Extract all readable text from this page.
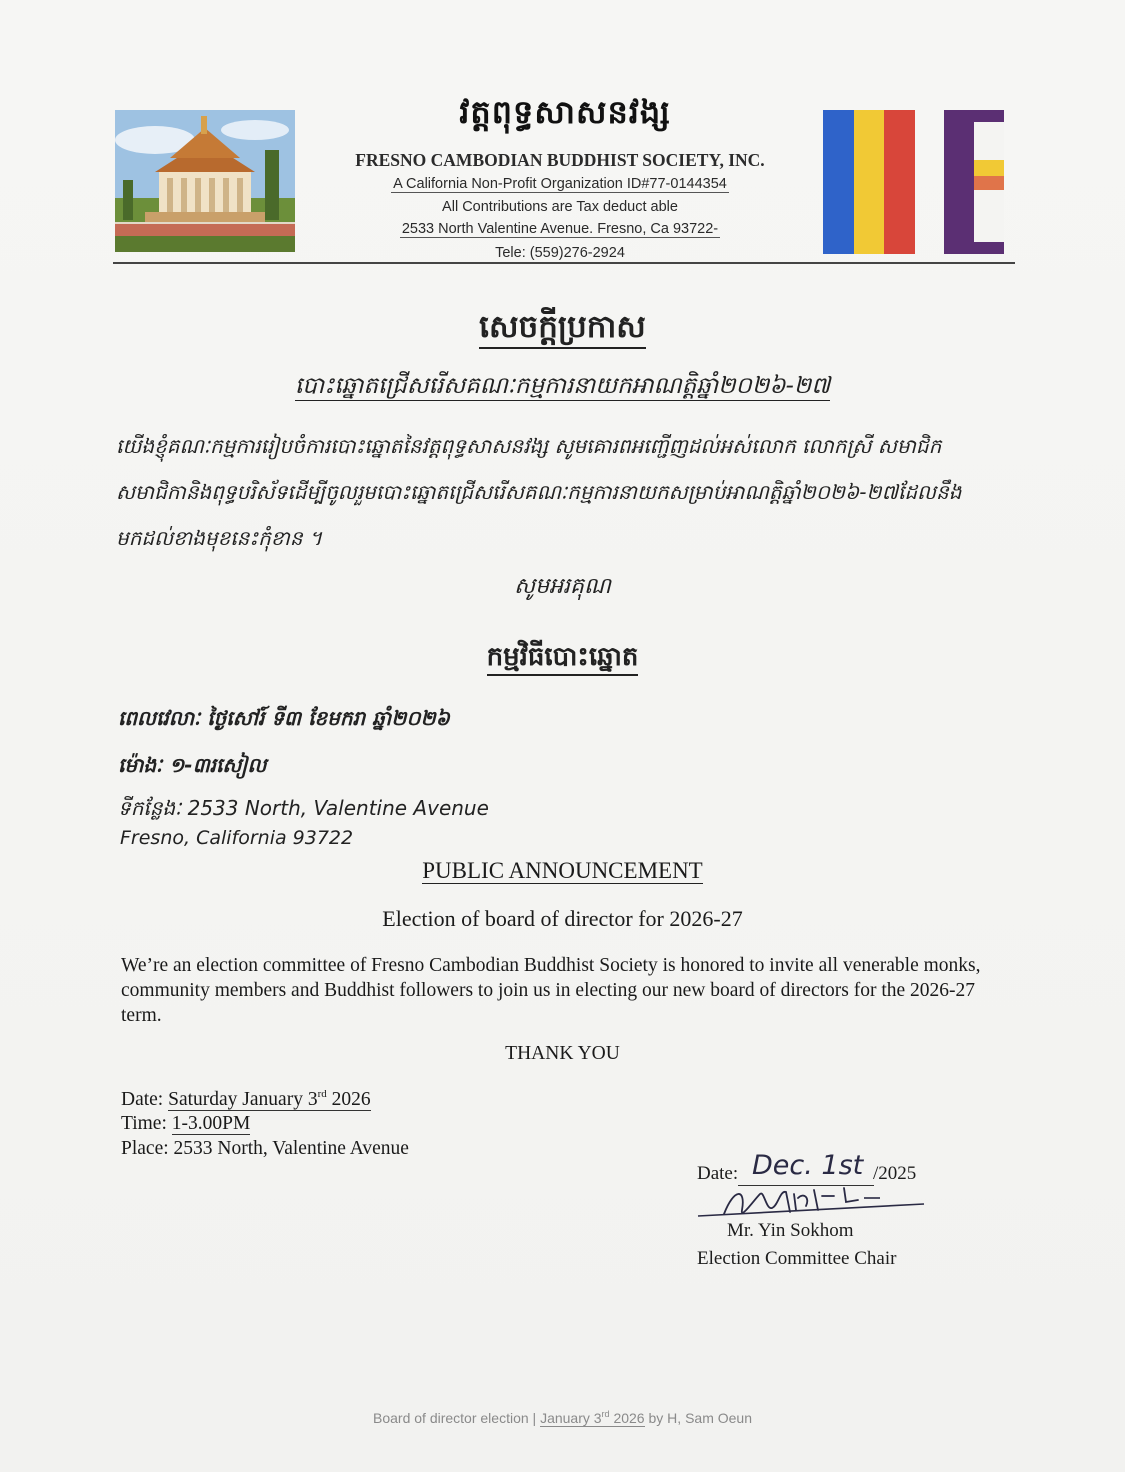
វត្តពុទ្ធសាសនវង្ស
FRESNO CAMBODIAN BUDDHIST SOCIETY, INC.
A California Non-Profit Organization ID#77-0144354
All Contributions are Tax deduct able
2533 North Valentine Avenue. Fresno, Ca 93722-
Tele: (559)276-2924
សេចក្តីប្រកាស
បោះឆ្នោតជ្រើសរើសគណៈកម្មការនាយកអាណត្តិឆ្នាំ២០២៦-២៧
យើងខ្ញុំគណៈកម្មការរៀបចំការបោះឆ្នោតនៃវត្តពុទ្ធសាសនវង្ស សូមគោរពអញ្ជើញដល់អស់លោក លោកស្រី សមាជិក សមាជិកានិងពុទ្ធបរិស័ទដើម្បីចូលរួមបោះឆ្នោតជ្រើសរើសគណៈកម្មការនាយកសម្រាប់អាណត្តិឆ្នាំ២០២៦-២៧ដែលនឹងមកដល់ខាងមុខនេះកុំខាន ។
សូមអរគុណ
កម្មវិធីបោះឆ្នោត
ពេលវេលាៈ ថ្ងៃសៅរ៍ ទី៣ ខែមករា ឆ្នាំ២០២៦
ម៉ោងៈ ១-៣រសៀល
ទីកន្លែងៈ 2533 North, Valentine Avenue
Fresno, California 93722
PUBLIC ANNOUNCEMENT
Election of board of director for 2026-27
We’re an election committee of Fresno Cambodian Buddhist Society is honored to invite all venerable monks, community members and Buddhist followers to join us in electing our new board of directors for the 2026-27 term.
THANK YOU
Date: Saturday January 3rd 2026
Time: 1-3.00PM
Place: 2533 North, Valentine Avenue
Date: Dec. 1st /2025
Mr. Yin Sokhom
Election Committee Chair
Board of director election | January 3rd 2026 by H, Sam Oeun
